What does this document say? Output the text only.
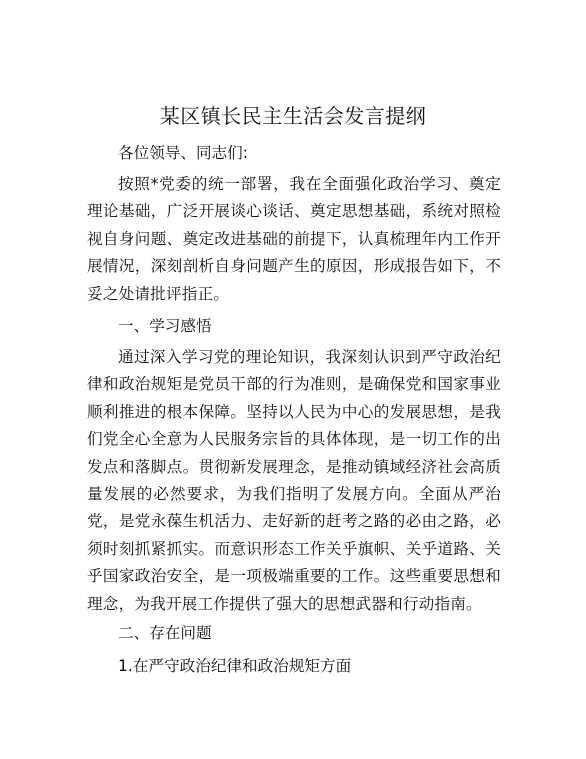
某区镇长民主生活会发言提纲
各位领导、同志们:

按照*党委的统一部署，我在全面强化政治学习、奠定理论基础，广泛开展谈心谈话、奠定思想基础，系统对照检视自身问题、奠定改进基础的前提下，认真梳理年内工作开展情况，深刻剖析自身问题产生的原因，形成报告如下，不妥之处请批评指正。

一、学习感悟

通过深入学习党的理论知识，我深刻认识到严守政治纪律和政治规矩是党员干部的行为准则，是确保党和国家事业顺利推进的根本保障。坚持以人民为中心的发展思想，是我们党全心全意为人民服务宗旨的具体体现，是一切工作的出发点和落脚点。贯彻新发展理念，是推动镇域经济社会高质量发展的必然要求，为我们指明了发展方向。全面从严治党，是党永葆生机活力、走好新的赶考之路的必由之路，必须时刻抓紧抓实。而意识形态工作关乎旗帜、关乎道路、关乎国家政治安全，是一项极端重要的工作。这些重要思想和理念，为我开展工作提供了强大的思想武器和行动指南。

二、存在问题
1.在严守政治纪律和政治规矩方面
